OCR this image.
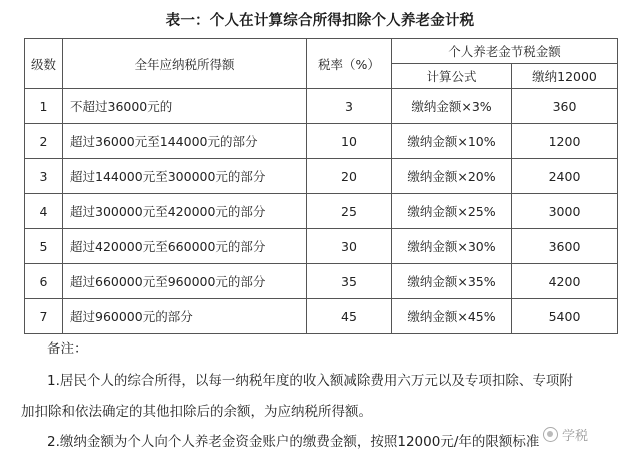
表一：个人在计算综合所得扣除个人养老金计税
级数	全年应纳税所得额	税率（%）	个人养老金节税金额	
			计算公式	缴纳12000
1	不超过36000元的	3	缴纳金额×3%	360
2	超过36000元至144000元的部分	10	缴纳金额×10%	1200
3	超过144000元至300000元的部分	20	缴纳金额×20%	2400
4	超过300000元至420000元的部分	25	缴纳金额×25%	3000
5	超过420000元至660000元的部分	30	缴纳金额×30%	3600
6	超过660000元至960000元的部分	35	缴纳金额×35%	4200
7	超过960000元的部分	45	缴纳金额×45%	5400
备注：
1.居民个人的综合所得，以每一纳税年度的收入额减除费用六万元以及专项扣除、专项附
加扣除和依法确定的其他扣除后的余额，为应纳税所得额。
2.缴纳金额为个人向个人养老金资金账户的缴费金额，按照12000元/年的限额标准 学税
